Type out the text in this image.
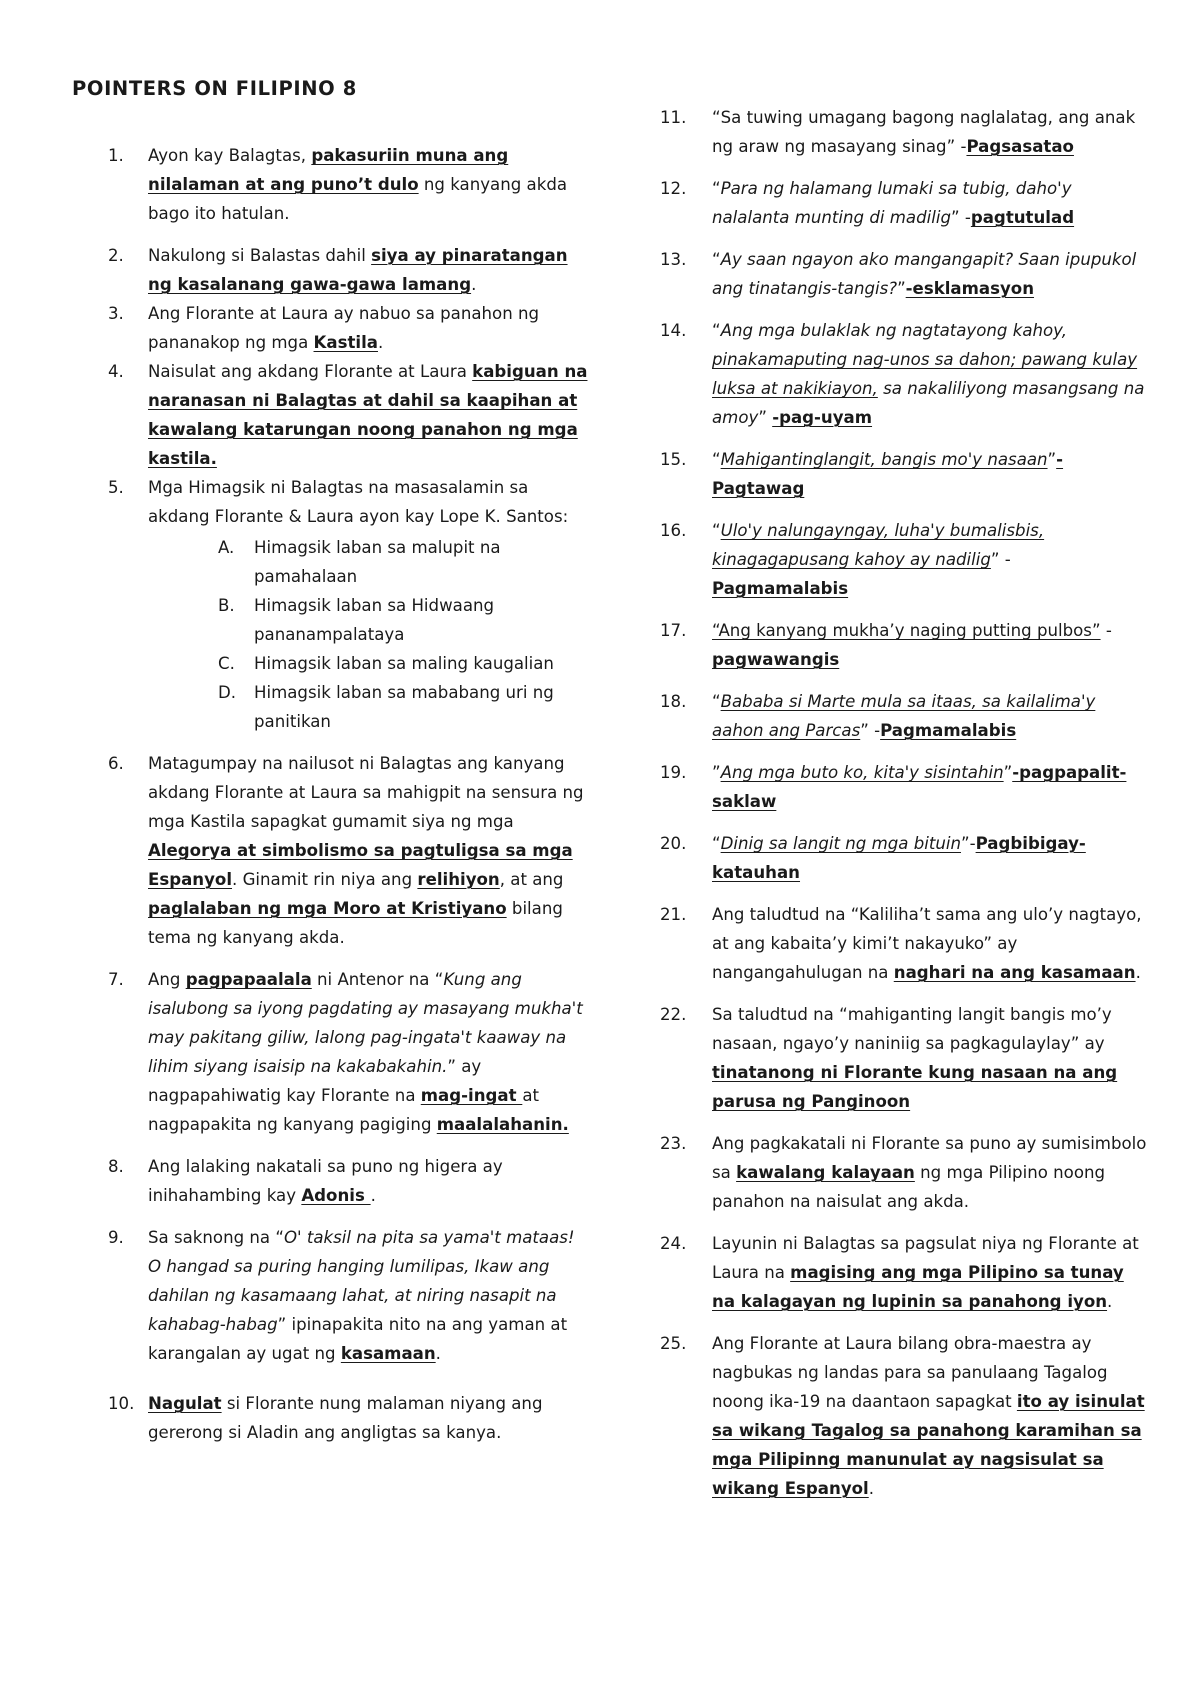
POINTERS ON FILIPINO 8
1.	Ayon kay Balagtas, pakasuriin muna ang nilalaman at ang puno’t dulo ng kanyang akda bago ito hatulan.
2.	Nakulong si Balastas dahil siya ay pinaratangan ng kasalanang gawa-gawa lamang.
3.	Ang Florante at Laura ay nabuo sa panahon ng pananakop ng mga Kastila.
4.	Naisulat ang akdang Florante at Laura kabiguan na naranasan ni Balagtas at dahil sa kaapihan at kawalang katarungan noong panahon ng mga kastila.
5.	Mga Himagsik ni Balagtas na masasalamin sa akdang Florante & Laura ayon kay Lope K. Santos:
A.	Himagsik laban sa malupit na pamahalaan
B.	Himagsik laban sa Hidwaang pananampalataya
C.	Himagsik laban sa maling kaugalian
D.	Himagsik laban sa mababang uri ng panitikan
6.	Matagumpay na nailusot ni Balagtas ang kanyang akdang Florante at Laura sa mahigpit na sensura ng mga Kastila sapagkat gumamit siya ng mga Alegorya at simbolismo sa pagtuligsa sa mga Espanyol. Ginamit rin niya ang relihiyon, at ang paglalaban ng mga Moro at Kristiyano bilang tema ng kanyang akda.
7.	Ang pagpapaalala ni Antenor na “Kung ang isalubong sa iyong pagdating ay masayang mukha't may pakitang giliw, lalong pag-ingata't kaaway na lihim siyang isaisip na kakabakahin.” ay nagpapahiwatig kay Florante na mag-ingat at nagpapakita ng kanyang pagiging maalalahanin.
8.	Ang lalaking nakatali sa puno ng higera ay inihahambing kay Adonis .
9.	Sa saknong na “O' taksil na pita sa yama't mataas! O hangad sa puring hanging lumilipas, Ikaw ang dahilan ng kasamaang lahat, at niring nasapit na kahabag-habag” ipinapakita nito na ang yaman at karangalan ay ugat ng kasamaan.
10. Nagulat si Florante nung malaman niyang ang gererong si Aladin ang angligtas sa kanya.
11.	“Sa tuwing umagang bagong naglalatag, ang anak ng araw ng masayang sinag” -Pagsasatao
12.	“Para ng halamang lumaki sa tubig, daho'y nalalanta munting di madilig” -pagtutulad
13.	“Ay saan ngayon ako mangangapit? Saan ipupukol ang tinatangis-tangis?”-esklamasyon
14.	“Ang mga bulaklak ng nagtatayong kahoy, pinakamaputing nag-unos sa dahon; pawang kulay luksa at nakikiayon, sa nakaliliyong masangsang na amoy” -pag-uyam
15.	“Mahigantinglangit, bangis mo'y nasaan”-Pagtawag
16.	“Ulo'y nalungayngay, luha'y bumalisbis, kinagagapusang kahoy ay nadilig” - Pagmamalabis
17.	“Ang kanyang mukha’y naging putting pulbos” -pagwawangis
18.	“Bababa si Marte mula sa itaas, sa kailalima'y aahon ang Parcas” -Pagmamalabis
19.	”Ang mga buto ko, kita'y sisintahin”-pagpapalit-saklaw
20.	“Dinig sa langit ng mga bituin”-Pagbibigay-katauhan
21.	Ang taludtud na “Kaliliha’t sama ang ulo’y nagtayo, at ang kabaita’y kimi’t nakayuko” ay nangangahulugan na naghari na ang kasamaan.
22.	Sa taludtud na “mahiganting langit bangis mo’y nasaan, ngayo’y naniniig sa pagkagulaylay” ay tinatanong ni Florante kung nasaan na ang parusa ng Panginoon
23.	Ang pagkakatali ni Florante sa puno ay sumisimbolo sa kawalang kalayaan ng mga Pilipino noong panahon na naisulat ang akda.
24.	Layunin ni Balagtas sa pagsulat niya ng Florante at Laura na magising ang mga Pilipino sa tunay na kalagayan ng lupinin sa panahong iyon.
25.	Ang Florante at Laura bilang obra-maestra ay nagbukas ng landas para sa panulaang Tagalog noong ika-19 na daantaon sapagkat ito ay isinulat sa wikang Tagalog sa panahong karamihan sa mga Pilipinng manunulat ay nagsisulat sa wikang Espanyol.
